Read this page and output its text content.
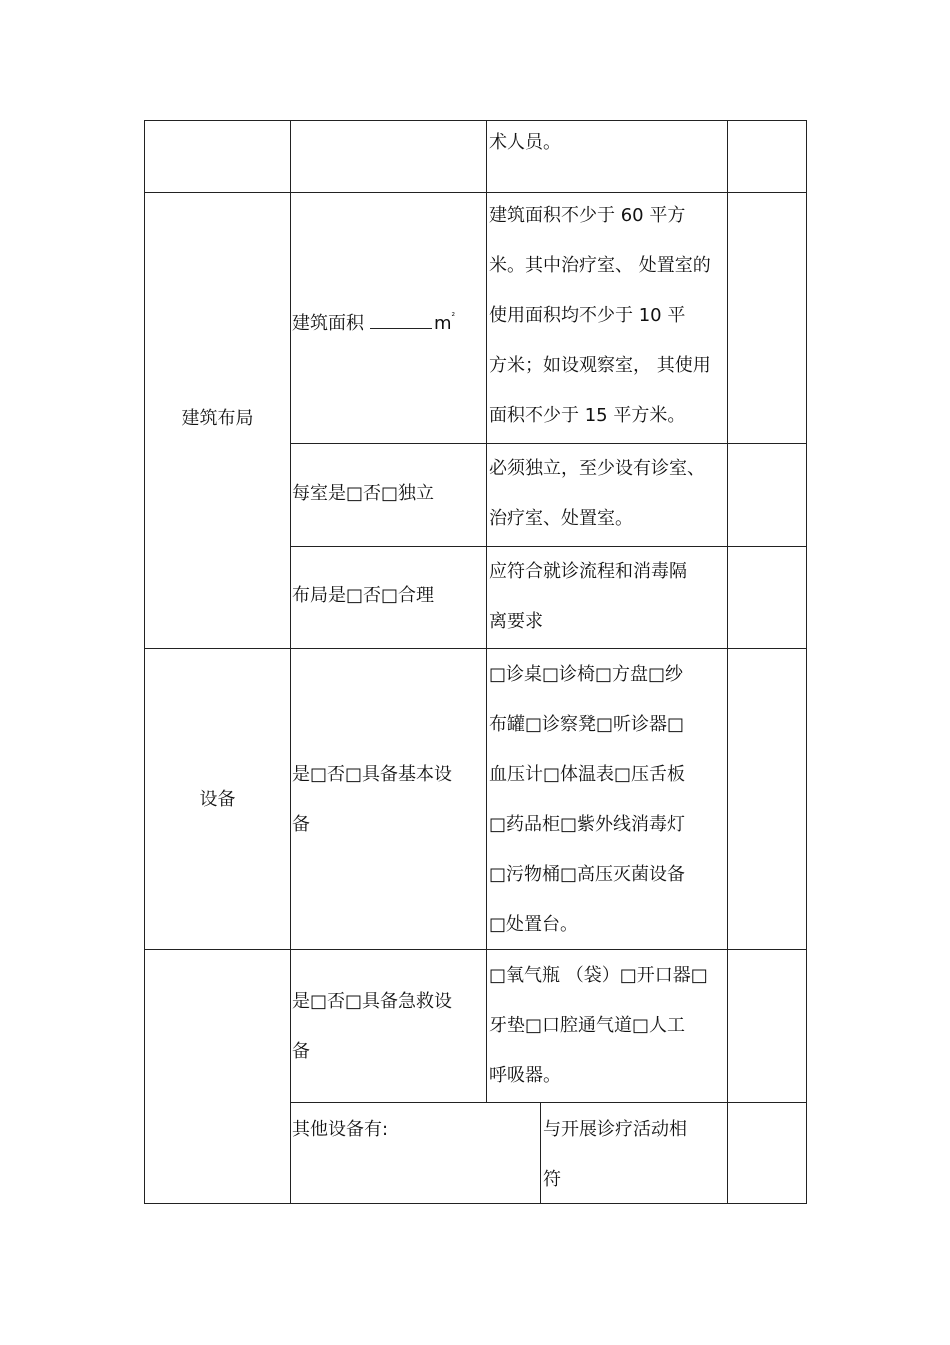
术人员。
建筑布局
建筑面积	$m^{^2}$
建筑面积不少于 60 平方
米。其中治疗室、 处置室的
使用面积均不少于 10 平
方米；如设观察室， 其使用
面积不少于 15 平方米。
每室是□否□独立
必须独立，至少设有诊室、
治疗室、处置室。
布局是□否□合理
应符合就诊流程和消毒隔
离要求
设备
是□否□具备基本设
备
□诊桌□诊椅□方盘□纱
布罐□诊察凳□听诊器□
血压计□体温表□压舌板
□药品柜□紫外线消毒灯
□污物桶□高压灭菌设备
□处置台。
是□否□具备急救设
备
□氧气瓶 （袋）□开口器□
牙垫□口腔通气道□人工
呼吸器。
其他设备有:	与开展诊疗活动相
符
